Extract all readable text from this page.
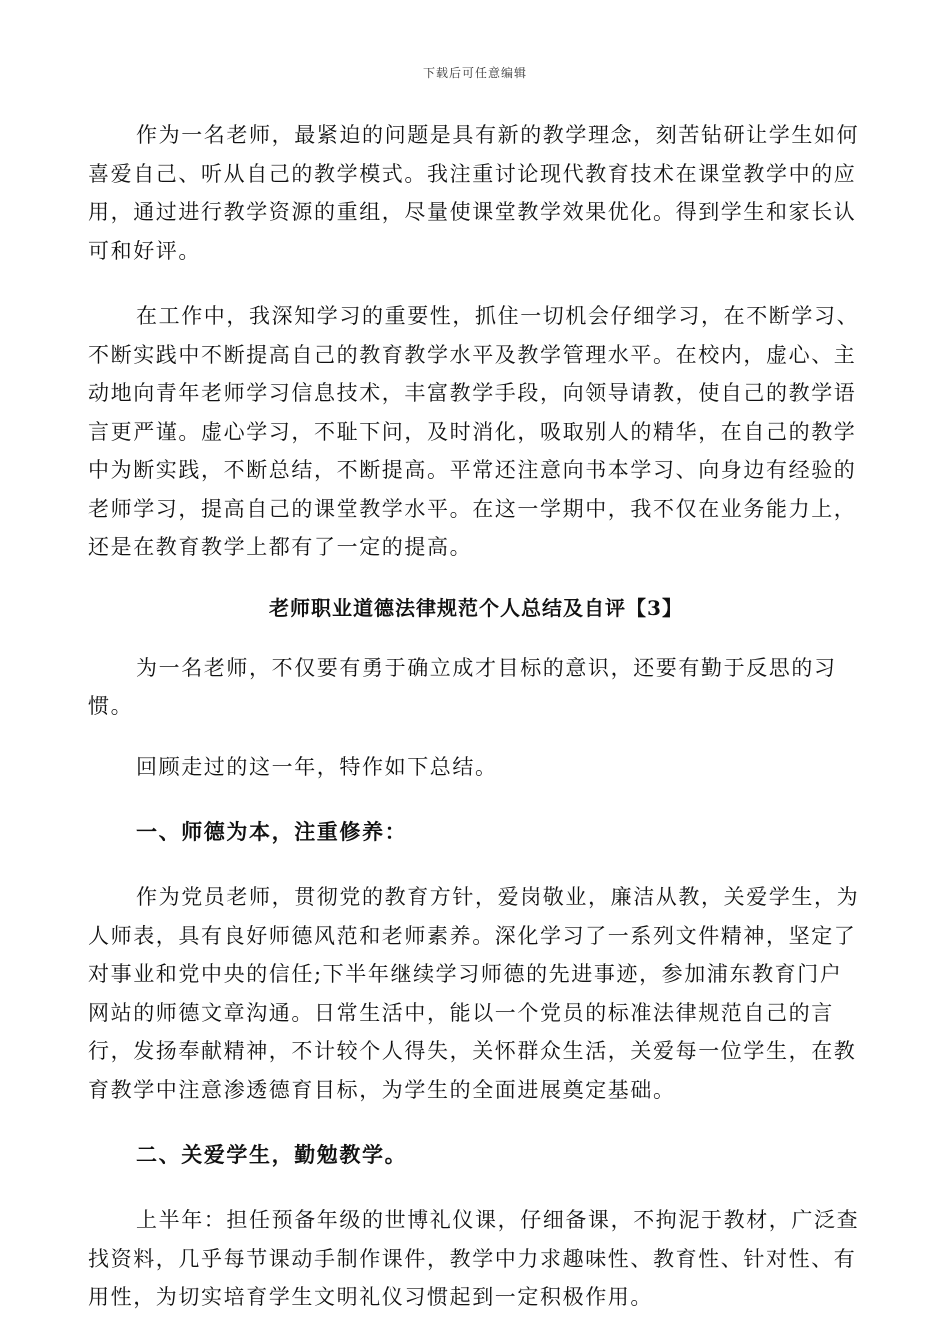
下载后可任意编辑

作为一名老师，最紧迫的问题是具有新的教学理念，刻苦钻研让学生如何喜爱自己、听从自己的教学模式。我注重讨论现代教育技术在课堂教学中的应用，通过进行教学资源的重组，尽量使课堂教学效果优化。得到学生和家长认可和好评。

在工作中，我深知学习的重要性，抓住一切机会仔细学习，在不断学习、不断实践中不断提高自己的教育教学水平及教学管理水平。在校内，虚心、主动地向青年老师学习信息技术，丰富教学手段，向领导请教，使自己的教学语言更严谨。虚心学习，不耻下问，及时消化，吸取别人的精华，在自己的教学中为断实践，不断总结，不断提高。平常还注意向书本学习、向身边有经验的老师学习，提高自己的课堂教学水平。在这一学期中，我不仅在业务能力上，还是在教育教学上都有了一定的提高。

老师职业道德法律规范个人总结及自评【3】

为一名老师，不仅要有勇于确立成才目标的意识，还要有勤于反思的习惯。

回顾走过的这一年，特作如下总结。

一、师德为本，注重修养：

作为党员老师，贯彻党的教育方针，爱岗敬业，廉洁从教，关爱学生，为人师表，具有良好师德风范和老师素养。深化学习了一系列文件精神，坚定了对事业和党中央的信任;下半年继续学习师德的先进事迹，参加浦东教育门户网站的师德文章沟通。日常生活中，能以一个党员的标准法律规范自己的言行，发扬奉献精神，不计较个人得失，关怀群众生活，关爱每一位学生，在教育教学中注意渗透德育目标，为学生的全面进展奠定基础。

二、关爱学生，勤勉教学。

上半年：担任预备年级的世博礼仪课，仔细备课，不拘泥于教材，广泛查找资料，几乎每节课动手制作课件，教学中力求趣味性、教育性、针对性、有用性，为切实培育学生文明礼仪习惯起到一定积极作用。
